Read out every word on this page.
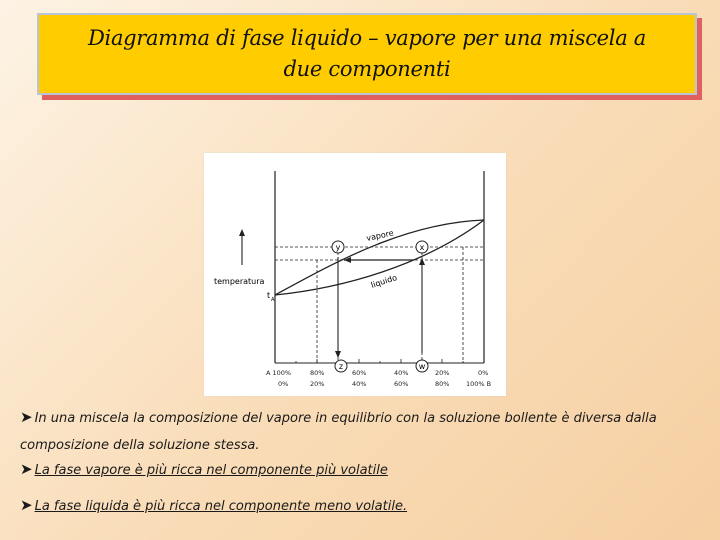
Diagramma di fase liquido – vapore per una miscela a due componenti
y	x
z	w
vapore
liquido
temperatura
t A
A 100%	80%	60%	40%	20%	0%
0%	20%	40%	60%	80%	100% B
➤ In una miscela la composizione del vapore in equilibrio con la soluzione bollente è diversa dalla composizione della soluzione stessa.
➤ La fase vapore è più ricca nel componente più volatile
➤ La fase liquida è più ricca nel componente meno volatile.
